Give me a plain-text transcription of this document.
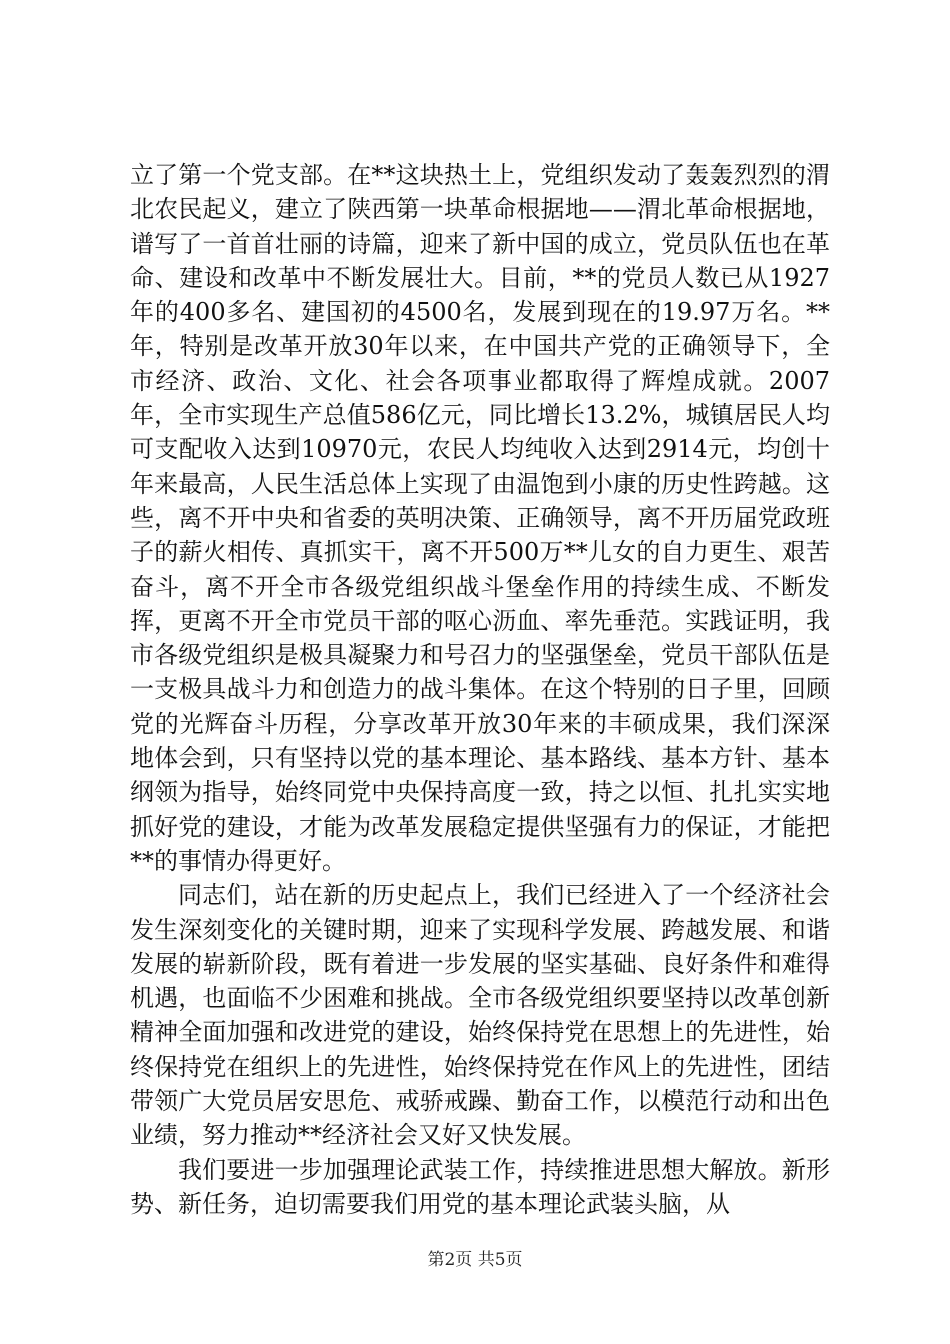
立了第一个党支部。在**这块热土上，党组织发动了轰轰烈烈的渭北农民起义，建立了陕西第一块革命根据地——渭北革命根据地，谱写了一首首壮丽的诗篇，迎来了新中国的成立，党员队伍也在革命、建设和改革中不断发展壮大。目前，**的党员人数已从1927年的400多名、建国初的4500名，发展到现在的19.97万名。**年，特别是改革开放30年以来，在中国共产党的正确领导下，全市经济、政治、文化、社会各项事业都取得了辉煌成就。2007年，全市实现生产总值586亿元，同比增长13.2%，城镇居民人均可支配收入达到10970元，农民人均纯收入达到2914元，均创十年来最高，人民生活总体上实现了由温饱到小康的历史性跨越。这些，离不开中央和省委的英明决策、正确领导，离不开历届党政班子的薪火相传、真抓实干，离不开500万**儿女的自力更生、艰苦奋斗，离不开全市各级党组织战斗堡垒作用的持续生成、不断发挥，更离不开全市党员干部的呕心沥血、率先垂范。实践证明，我市各级党组织是极具凝聚力和号召力的坚强堡垒，党员干部队伍是一支极具战斗力和创造力的战斗集体。在这个特别的日子里，回顾党的光辉奋斗历程，分享改革开放30年来的丰硕成果，我们深深地体会到，只有坚持以党的基本理论、基本路线、基本方针、基本纲领为指导，始终同党中央保持高度一致，持之以恒、扎扎实实地抓好党的建设，才能为改革发展稳定提供坚强有力的保证，才能把**的事情办得更好。

同志们，站在新的历史起点上，我们已经进入了一个经济社会发生深刻变化的关键时期，迎来了实现科学发展、跨越发展、和谐发展的崭新阶段，既有着进一步发展的坚实基础、良好条件和难得机遇，也面临不少困难和挑战。全市各级党组织要坚持以改革创新精神全面加强和改进党的建设，始终保持党在思想上的先进性，始终保持党在组织上的先进性，始终保持党在作风上的先进性，团结带领广大党员居安思危、戒骄戒躁、勤奋工作，以模范行动和出色业绩，努力推动**经济社会又好又快发展。

我们要进一步加强理论武装工作，持续推进思想大解放。新形势、新任务，迫切需要我们用党的基本理论武装头脑，从

第2页 共5页
